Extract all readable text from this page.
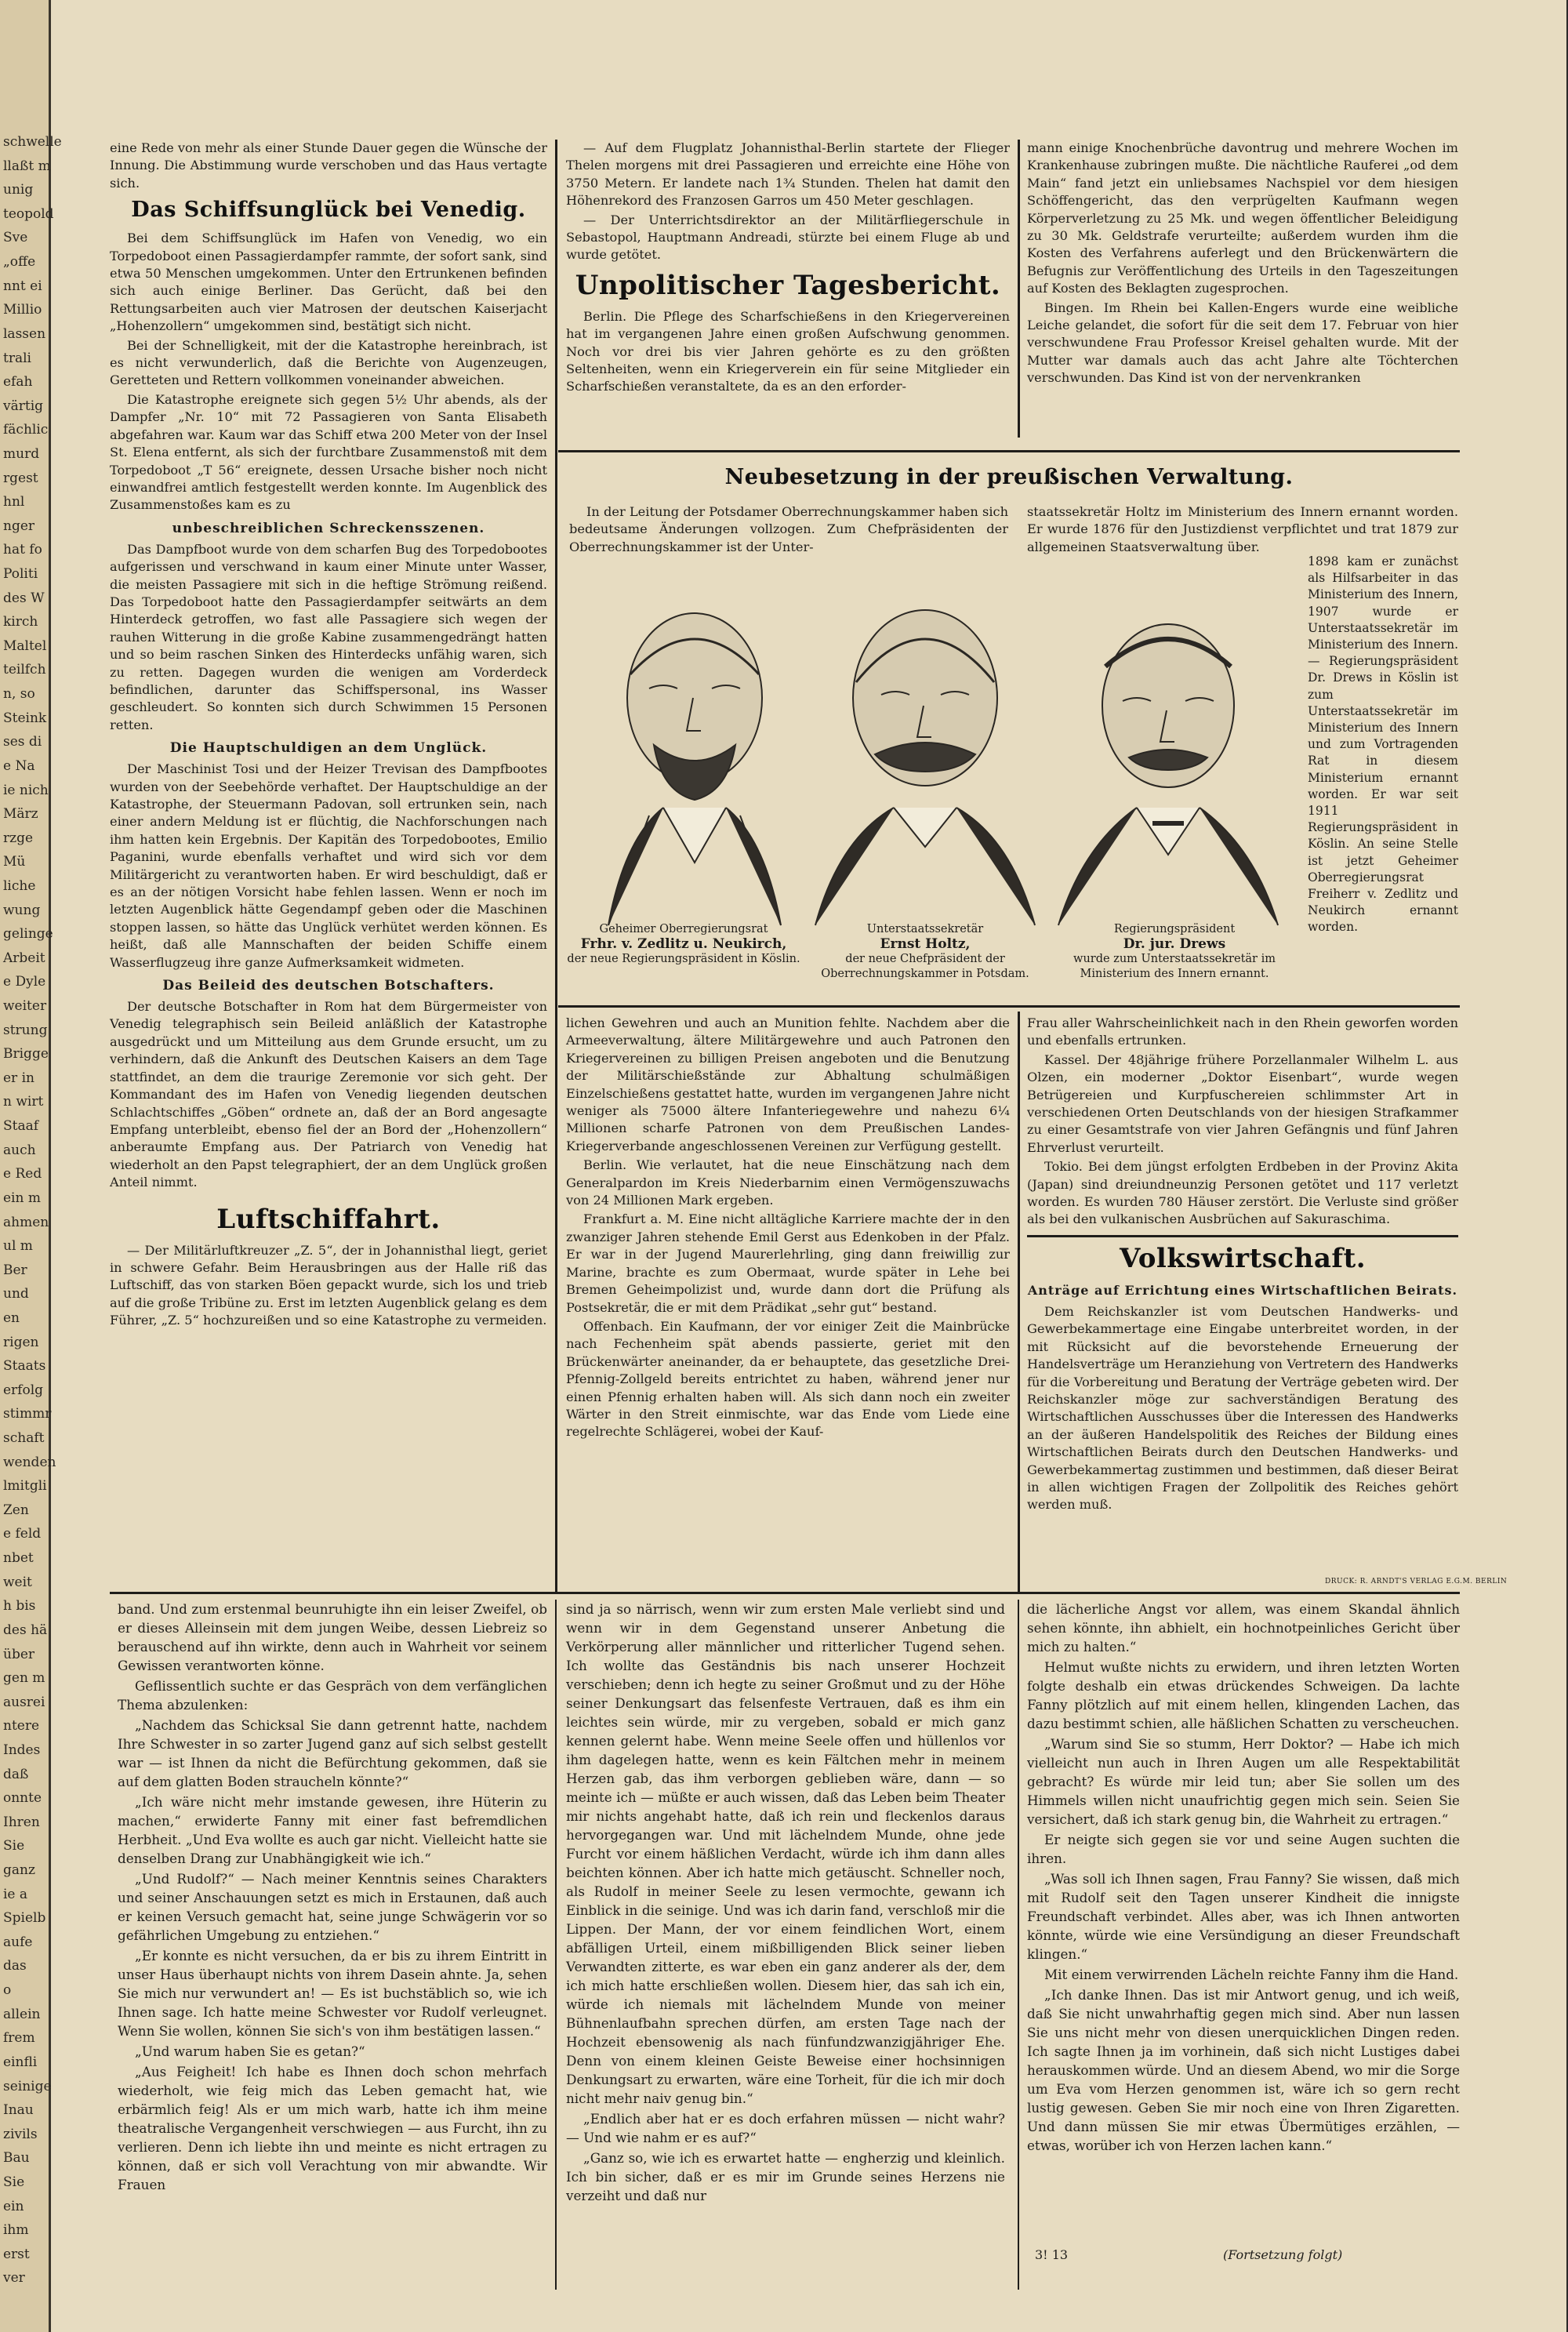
schwelle
llaßt m
unig
teopold
Sve
„offe
nnt ei
Millio
lassen
trali
efah
värtig
fächlic
murd
rgest
hnl
nger
hat fo
Politi
des W
kirch
Maltel
teilfch
n, so
Steink
ses di
e Na
ie nich
März
rzge
Mü
liche
wung
gelinge
Arbeit
e Dyle
weiter
strung
Brigge
er in
n wirt
Staaf
auch
e Red
ein m
ahmen
ul m
Ber
und
en
rigen
Staats
erfolg
stimmr
schaft
wenden
lmitgli
Zen
e feld
nbet
weit
h bis
des hä
über
gen m
ausrei
ntere
Indes
daß
onnte
Ihren
Sie
ganz
ie a
Spielb
aufe
das
o
allein
frem
einfli
seinige
Inau
zivils
Bau
Sie
ein
ihm
erst
ver

eine Rede von mehr als einer Stunde Dauer gegen die Wünsche der Innung. Die Abstimmung wurde verschoben und das Haus vertagte sich.

Das Schiffsunglück bei Venedig.

Bei dem Schiffsunglück im Hafen von Venedig, wo ein Torpedoboot einen Passagierdampfer rammte, der sofort sank, sind etwa 50 Menschen umgekommen. Unter den Ertrunkenen befinden sich auch einige Berliner. Das Gerücht, daß bei den Rettungsarbeiten auch vier Matrosen der deutschen Kaiserjacht „Hohenzollern“ umgekommen sind, bestätigt sich nicht.

Bei der Schnelligkeit, mit der die Katastrophe hereinbrach, ist es nicht verwunderlich, daß die Berichte von Augenzeugen, Geretteten und Rettern vollkommen voneinander abweichen.

Die Katastrophe ereignete sich gegen 5½ Uhr abends, als der Dampfer „Nr. 10“ mit 72 Passagieren von Santa Elisabeth abgefahren war. Kaum war das Schiff etwa 200 Meter von der Insel St. Elena entfernt, als sich der furchtbare Zusammenstoß mit dem Torpedoboot „T 56“ ereignete, dessen Ursache bisher noch nicht einwandfrei amtlich festgestellt werden konnte. Im Augenblick des Zusammenstoßes kam es zu

unbeschreiblichen Schreckensszenen.

Das Dampfboot wurde von dem scharfen Bug des Torpedobootes aufgerissen und verschwand in kaum einer Minute unter Wasser, die meisten Passagiere mit sich in die heftige Strömung reißend. Das Torpedoboot hatte den Passagierdampfer seitwärts an dem Hinterdeck getroffen, wo fast alle Passagiere sich wegen der rauhen Witterung in die große Kabine zusammengedrängt hatten und so beim raschen Sinken des Hinterdecks unfähig waren, sich zu retten. Dagegen wurden die wenigen am Vorderdeck befindlichen, darunter das Schiffspersonal, ins Wasser geschleudert. So konnten sich durch Schwimmen 15 Personen retten.

Die Hauptschuldigen an dem Unglück.

Der Maschinist Tosi und der Heizer Trevisan des Dampfbootes wurden von der Seebehörde verhaftet. Der Hauptschuldige an der Katastrophe, der Steuermann Padovan, soll ertrunken sein, nach einer andern Meldung ist er flüchtig, die Nachforschungen nach ihm hatten kein Ergebnis. Der Kapitän des Torpedobootes, Emilio Paganini, wurde ebenfalls verhaftet und wird sich vor dem Militärgericht zu verantworten haben. Er wird beschuldigt, daß er es an der nötigen Vorsicht habe fehlen lassen. Wenn er noch im letzten Augenblick hätte Gegendampf geben oder die Maschinen stoppen lassen, so hätte das Unglück verhütet werden können. Es heißt, daß alle Mannschaften der beiden Schiffe einem Wasserflugzeug ihre ganze Aufmerksamkeit widmeten.

Das Beileid des deutschen Botschafters.

Der deutsche Botschafter in Rom hat dem Bürgermeister von Venedig telegraphisch sein Beileid anläßlich der Katastrophe ausgedrückt und um Mitteilung aus dem Grunde ersucht, um zu verhindern, daß die Ankunft des Deutschen Kaisers an dem Tage stattfindet, an dem die traurige Zeremonie vor sich geht. Der Kommandant des im Hafen von Venedig liegenden deutschen Schlachtschiffes „Göben“ ordnete an, daß der an Bord angesagte Empfang unterbleibt, ebenso fiel der an Bord der „Hohenzollern“ anberaumte Empfang aus. Der Patriarch von Venedig hat wiederholt an den Papst telegraphiert, der an dem Unglück großen Anteil nimmt.

Luftschiffahrt.

— Der Militärluftkreuzer „Z. 5“, der in Johannisthal liegt, geriet in schwere Gefahr. Beim Herausbringen aus der Halle riß das Luftschiff, das von starken Böen gepackt wurde, sich los und trieb auf die große Tribüne zu. Erst im letzten Augenblick gelang es dem Führer, „Z. 5“ hochzureißen und so eine Katastrophe zu vermeiden.

— Auf dem Flugplatz Johannisthal-Berlin startete der Flieger Thelen morgens mit drei Passagieren und erreichte eine Höhe von 3750 Metern. Er landete nach 1¾ Stunden. Thelen hat damit den Höhenrekord des Franzosen Garros um 450 Meter geschlagen.

— Der Unterrichtsdirektor an der Militärfliegerschule in Sebastopol, Hauptmann Andreadi, stürzte bei einem Fluge ab und wurde getötet.

Unpolitischer Tagesbericht.

Berlin. Die Pflege des Scharfschießens in den Kriegervereinen hat im vergangenen Jahre einen großen Aufschwung genommen. Noch vor drei bis vier Jahren gehörte es zu den größten Seltenheiten, wenn ein Kriegerverein ein für seine Mitglieder ein Scharfschießen veranstaltete, da es an den erforder-

mann einige Knochenbrüche davontrug und mehrere Wochen im Krankenhause zubringen mußte. Die nächtliche Rauferei „od dem Main“ fand jetzt ein unliebsames Nachspiel vor dem hiesigen Schöffengericht, das den verprügelten Kaufmann wegen Körperverletzung zu 25 Mk. und wegen öffentlicher Beleidigung zu 30 Mk. Geldstrafe verurteilte; außerdem wurden ihm die Kosten des Verfahrens auferlegt und den Brückenwärtern die Befugnis zur Veröffentlichung des Urteils in den Tageszeitungen auf Kosten des Beklagten zugesprochen.

Bingen. Im Rhein bei Kallen-Engers wurde eine weibliche Leiche gelandet, die sofort für die seit dem 17. Februar von hier verschwundene Frau Professor Kreisel gehalten wurde. Mit der Mutter war damals auch das acht Jahre alte Töchterchen verschwunden. Das Kind ist von der nervenkranken

Neubesetzung in der preußischen Verwaltung.

In der Leitung der Potsdamer Oberrechnungskammer haben sich bedeutsame Änderungen vollzogen. Zum Chefpräsidenten der Oberrechnungskammer ist der Unter-

staatssekretär Holtz im Ministerium des Innern ernannt worden. Er wurde 1876 für den Justizdienst verpflichtet und trat 1879 zur allgemeinen Staatsverwaltung über.

1898 kam er zunächst als Hilfsarbeiter in das Ministerium des Innern, 1907 wurde er Unterstaatssekretär im Ministerium des Innern. — Regierungspräsident Dr. Drews in Köslin ist zum Unterstaatssekretär im Ministerium des Innern und zum Vortragenden Rat in diesem Ministerium ernannt worden. Er war seit 1911 Regierungspräsident in Köslin. An seine Stelle ist jetzt Geheimer Oberregierungsrat Freiherr v. Zedlitz und Neukirch ernannt worden.

Geheimer Oberregierungsrat
Frhr. v. Zedlitz u. Neukirch,
der neue Regierungspräsident in Köslin.
Unterstaatssekretär
Ernst Holtz,
der neue Chefpräsident der Oberrechnungskammer in Potsdam.
Regierungspräsident
Dr. jur. Drews
wurde zum Unterstaatssekretär im Ministerium des Innern ernannt.

lichen Gewehren und auch an Munition fehlte. Nachdem aber die Armeeverwaltung, ältere Militärgewehre und auch Patronen den Kriegervereinen zu billigen Preisen angeboten und die Benutzung der Militärschießstände zur Abhaltung schulmäßigen Einzelschießens gestattet hatte, wurden im vergangenen Jahre nicht weniger als 75000 ältere Infanteriegewehre und nahezu 6¼ Millionen scharfe Patronen von dem Preußischen Landes-Kriegerverbande angeschlossenen Vereinen zur Verfügung gestellt.

Berlin. Wie verlautet, hat die neue Einschätzung nach dem Generalpardon im Kreis Niederbarnim einen Vermögenszuwachs von 24 Millionen Mark ergeben.

Frankfurt a. M. Eine nicht alltägliche Karriere machte der in den zwanziger Jahren stehende Emil Gerst aus Edenkoben in der Pfalz. Er war in der Jugend Maurerlehrling, ging dann freiwillig zur Marine, brachte es zum Obermaat, wurde später in Lehe bei Bremen Geheimpolizist und, wurde dann dort die Prüfung als Postsekretär, die er mit dem Prädikat „sehr gut“ bestand.

Offenbach. Ein Kaufmann, der vor einiger Zeit die Mainbrücke nach Fechenheim spät abends passierte, geriet mit den Brückenwärter aneinander, da er behauptete, das gesetzliche Drei-Pfennig-Zollgeld bereits entrichtet zu haben, während jener nur einen Pfennig erhalten haben will. Als sich dann noch ein zweiter Wärter in den Streit einmischte, war das Ende vom Liede eine regelrechte Schlägerei, wobei der Kauf-

Frau aller Wahrscheinlichkeit nach in den Rhein geworfen worden und ebenfalls ertrunken.

Kassel. Der 48jährige frühere Porzellanmaler Wilhelm L. aus Olzen, ein moderner „Doktor Eisenbart“, wurde wegen Betrügereien und Kurpfuschereien schlimmster Art in verschiedenen Orten Deutschlands von der hiesigen Strafkammer zu einer Gesamtstrafe von vier Jahren Gefängnis und fünf Jahren Ehrverlust verurteilt.

Tokio. Bei dem jüngst erfolgten Erdbeben in der Provinz Akita (Japan) sind dreiundneunzig Personen getötet und 117 verletzt worden. Es wurden 780 Häuser zerstört. Die Verluste sind größer als bei den vulkanischen Ausbrüchen auf Sakuraschima.

Volkswirtschaft.
Anträge auf Errichtung eines Wirtschaftlichen Beirats.

Dem Reichskanzler ist vom Deutschen Handwerks- und Gewerbekammertage eine Eingabe unterbreitet worden, in der mit Rücksicht auf die bevorstehende Erneuerung der Handelsverträge um Heranziehung von Vertretern des Handwerks für die Vorbereitung und Beratung der Verträge gebeten wird. Der Reichskanzler möge zur sachverständigen Beratung des Wirtschaftlichen Ausschusses über die Interessen des Handwerks an der äußeren Handelspolitik des Reiches der Bildung eines Wirtschaftlichen Beirats durch den Deutschen Handwerks- und Gewerbekammertag zustimmen und bestimmen, daß dieser Beirat in allen wichtigen Fragen der Zollpolitik des Reiches gehört werden muß.

DRUCK: R. ARNDT'S VERLAG E.G.M. BERLIN

band. Und zum erstenmal beunruhigte ihn ein leiser Zweifel, ob er dieses Alleinsein mit dem jungen Weibe, dessen Liebreiz so berauschend auf ihn wirkte, denn auch in Wahrheit vor seinem Gewissen verantworten könne.

Geflissentlich suchte er das Gespräch von dem verfänglichen Thema abzulenken:

„Nachdem das Schicksal Sie dann getrennt hatte, nachdem Ihre Schwester in so zarter Jugend ganz auf sich selbst gestellt war — ist Ihnen da nicht die Befürchtung gekommen, daß sie auf dem glatten Boden straucheln könnte?“

„Ich wäre nicht mehr imstande gewesen, ihre Hüterin zu machen,“ erwiderte Fanny mit einer fast befremdlichen Herbheit. „Und Eva wollte es auch gar nicht. Vielleicht hatte sie denselben Drang zur Unabhängigkeit wie ich.“

„Und Rudolf?“ — Nach meiner Kenntnis seines Charakters und seiner Anschauungen setzt es mich in Erstaunen, daß auch er keinen Versuch gemacht hat, seine junge Schwägerin vor so gefährlichen Umgebung zu entziehen.“

„Er konnte es nicht versuchen, da er bis zu ihrem Eintritt in unser Haus überhaupt nichts von ihrem Dasein ahnte. Ja, sehen Sie mich nur verwundert an! — Es ist buchstäblich so, wie ich Ihnen sage. Ich hatte meine Schwester vor Rudolf verleugnet. Wenn Sie wollen, können Sie sich's von ihm bestätigen lassen.“

„Und warum haben Sie es getan?“

„Aus Feigheit! Ich habe es Ihnen doch schon mehrfach wiederholt, wie feig mich das Leben gemacht hat, wie erbärmlich feig! Als er um mich warb, hatte ich ihm meine theatralische Vergangenheit verschwiegen — aus Furcht, ihn zu verlieren. Denn ich liebte ihn und meinte es nicht ertragen zu können, daß er sich voll Verachtung von mir abwandte. Wir Frauen

sind ja so närrisch, wenn wir zum ersten Male verliebt sind und wenn wir in dem Gegenstand unserer Anbetung die Verkörperung aller männlicher und ritterlicher Tugend sehen. Ich wollte das Geständnis bis nach unserer Hochzeit verschieben; denn ich hegte zu seiner Großmut und zu der Höhe seiner Denkungsart das felsenfeste Vertrauen, daß es ihm ein leichtes sein würde, mir zu vergeben, sobald er mich ganz kennen gelernt habe. Wenn meine Seele offen und hüllenlos vor ihm dagelegen hatte, wenn es kein Fältchen mehr in meinem Herzen gab, das ihm verborgen geblieben wäre, dann — so meinte ich — müßte er auch wissen, daß das Leben beim Theater mir nichts angehabt hatte, daß ich rein und fleckenlos daraus hervorgegangen war. Und mit lächelndem Munde, ohne jede Furcht vor einem häßlichen Verdacht, würde ich ihm dann alles beichten können. Aber ich hatte mich getäuscht. Schneller noch, als Rudolf in meiner Seele zu lesen vermochte, gewann ich Einblick in die seinige. Und was ich darin fand, verschloß mir die Lippen. Der Mann, der vor einem feindlichen Wort, einem abfälligen Urteil, einem mißbilligenden Blick seiner lieben Verwandten zitterte, es war eben ein ganz anderer als der, dem ich mich hatte erschließen wollen. Diesem hier, das sah ich ein, würde ich niemals mit lächelndem Munde von meiner Bühnenlaufbahn sprechen dürfen, am ersten Tage nach der Hochzeit ebensowenig als nach fünfundzwanzigjähriger Ehe. Denn von einem kleinen Geiste Beweise einer hochsinnigen Denkungsart zu erwarten, wäre eine Torheit, für die ich mir doch nicht mehr naiv genug bin.“

„Endlich aber hat er es doch erfahren müssen — nicht wahr? — Und wie nahm er es auf?“

„Ganz so, wie ich es erwartet hatte — engherzig und kleinlich. Ich bin sicher, daß er es mir im Grunde seines Herzens nie verzeiht und daß nur

die lächerliche Angst vor allem, was einem Skandal ähnlich sehen könnte, ihn abhielt, ein hochnotpeinliches Gericht über mich zu halten.“

Helmut wußte nichts zu erwidern, und ihren letzten Worten folgte deshalb ein etwas drückendes Schweigen. Da lachte Fanny plötzlich auf mit einem hellen, klingenden Lachen, das dazu bestimmt schien, alle häßlichen Schatten zu verscheuchen.

„Warum sind Sie so stumm, Herr Doktor? — Habe ich mich vielleicht nun auch in Ihren Augen um alle Respektabilität gebracht? Es würde mir leid tun; aber Sie sollen um des Himmels willen nicht unaufrichtig gegen mich sein. Seien Sie versichert, daß ich stark genug bin, die Wahrheit zu ertragen.“

Er neigte sich gegen sie vor und seine Augen suchten die ihren.

„Was soll ich Ihnen sagen, Frau Fanny? Sie wissen, daß mich mit Rudolf seit den Tagen unserer Kindheit die innigste Freundschaft verbindet. Alles aber, was ich Ihnen antworten könnte, würde wie eine Versündigung an dieser Freundschaft klingen.“

Mit einem verwirrenden Lächeln reichte Fanny ihm die Hand.

„Ich danke Ihnen. Das ist mir Antwort genug, und ich weiß, daß Sie nicht unwahrhaftig gegen mich sind. Aber nun lassen Sie uns nicht mehr von diesen unerquicklichen Dingen reden. Ich sagte Ihnen ja im vorhinein, daß sich nicht Lustiges dabei herauskommen würde. Und an diesem Abend, wo mir die Sorge um Eva vom Herzen genommen ist, wäre ich so gern recht lustig gewesen. Geben Sie mir noch eine von Ihren Zigaretten. Und dann müssen Sie mir etwas Übermütiges erzählen, — etwas, worüber ich von Herzen lachen kann.“

3! 13	(Fortsetzung folgt)
